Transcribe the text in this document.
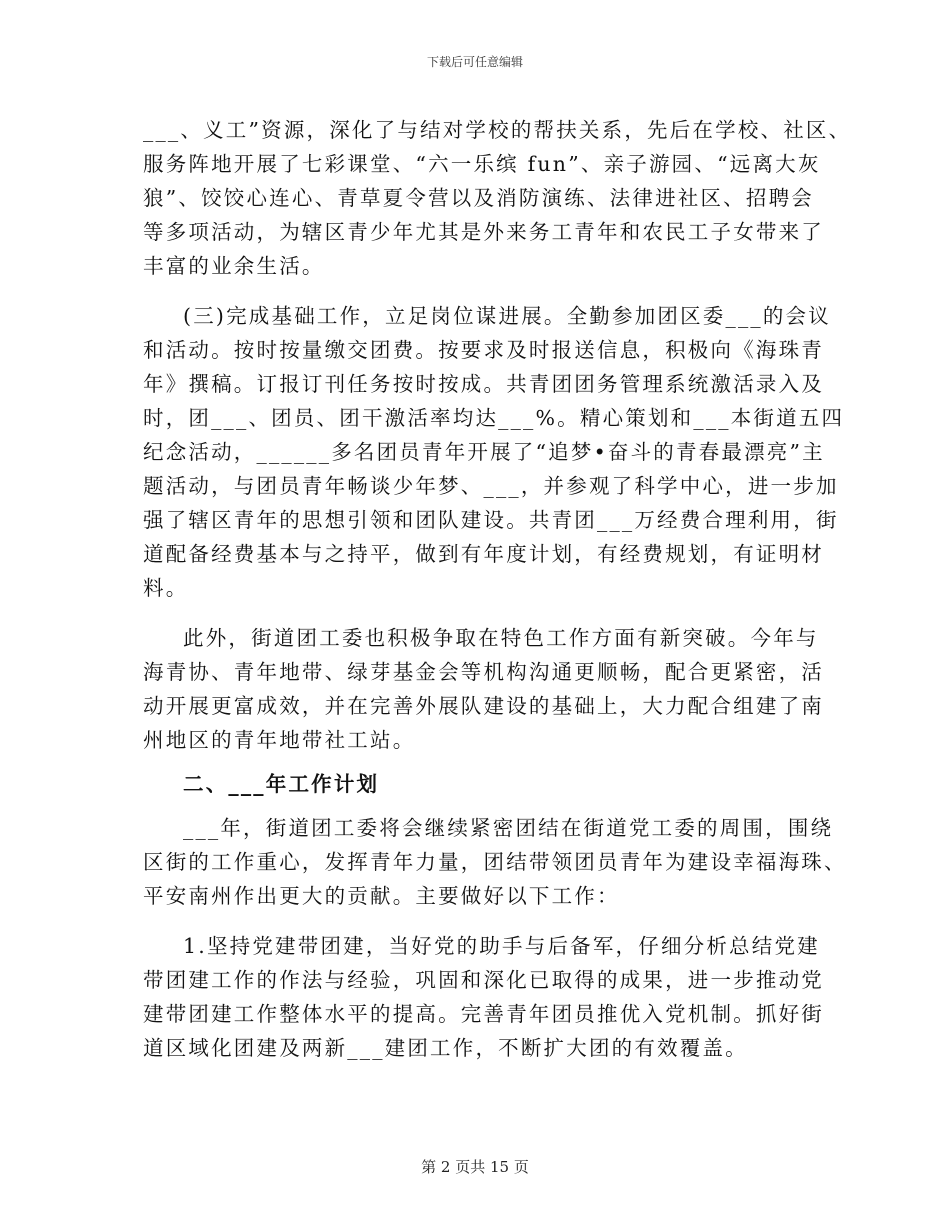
下载后可任意编辑
___、义工”资源，深化了与结对学校的帮扶关系，先后在学校、社区、
服务阵地开展了七彩课堂、“六一乐缤 fun”、亲子游园、“远离大灰
狼”、饺饺心连心、青草夏令营以及消防演练、法律进社区、招聘会
等多项活动，为辖区青少年尤其是外来务工青年和农民工子女带来了
丰富的业余生活。
(三)完成基础工作，立足岗位谋进展。全勤参加团区委___的会议
和活动。按时按量缴交团费。按要求及时报送信息，积极向《海珠青
年》撰稿。订报订刊任务按时按成。共青团团务管理系统激活录入及
时，团___、团员、团干激活率均达___%。精心策划和___本街道五四
纪念活动，______多名团员青年开展了“追梦•奋斗的青春最漂亮”主
题活动，与团员青年畅谈少年梦、___，并参观了科学中心，进一步加
强了辖区青年的思想引领和团队建设。共青团___万经费合理利用，街
道配备经费基本与之持平，做到有年度计划，有经费规划，有证明材
料。
此外，街道团工委也积极争取在特色工作方面有新突破。今年与
海青协、青年地带、绿芽基金会等机构沟通更顺畅，配合更紧密，活
动开展更富成效，并在完善外展队建设的基础上，大力配合组建了南
州地区的青年地带社工站。
二、___年工作计划
___年，街道团工委将会继续紧密团结在街道党工委的周围，围绕
区街的工作重心，发挥青年力量，团结带领团员青年为建设幸福海珠、
平安南州作出更大的贡献。主要做好以下工作：
1.坚持党建带团建，当好党的助手与后备军，仔细分析总结党建
带团建工作的作法与经验，巩固和深化已取得的成果，进一步推动党
建带团建工作整体水平的提高。完善青年团员推优入党机制。抓好街
道区域化团建及两新___建团工作，不断扩大团的有效覆盖。
第 2 页共 15 页
